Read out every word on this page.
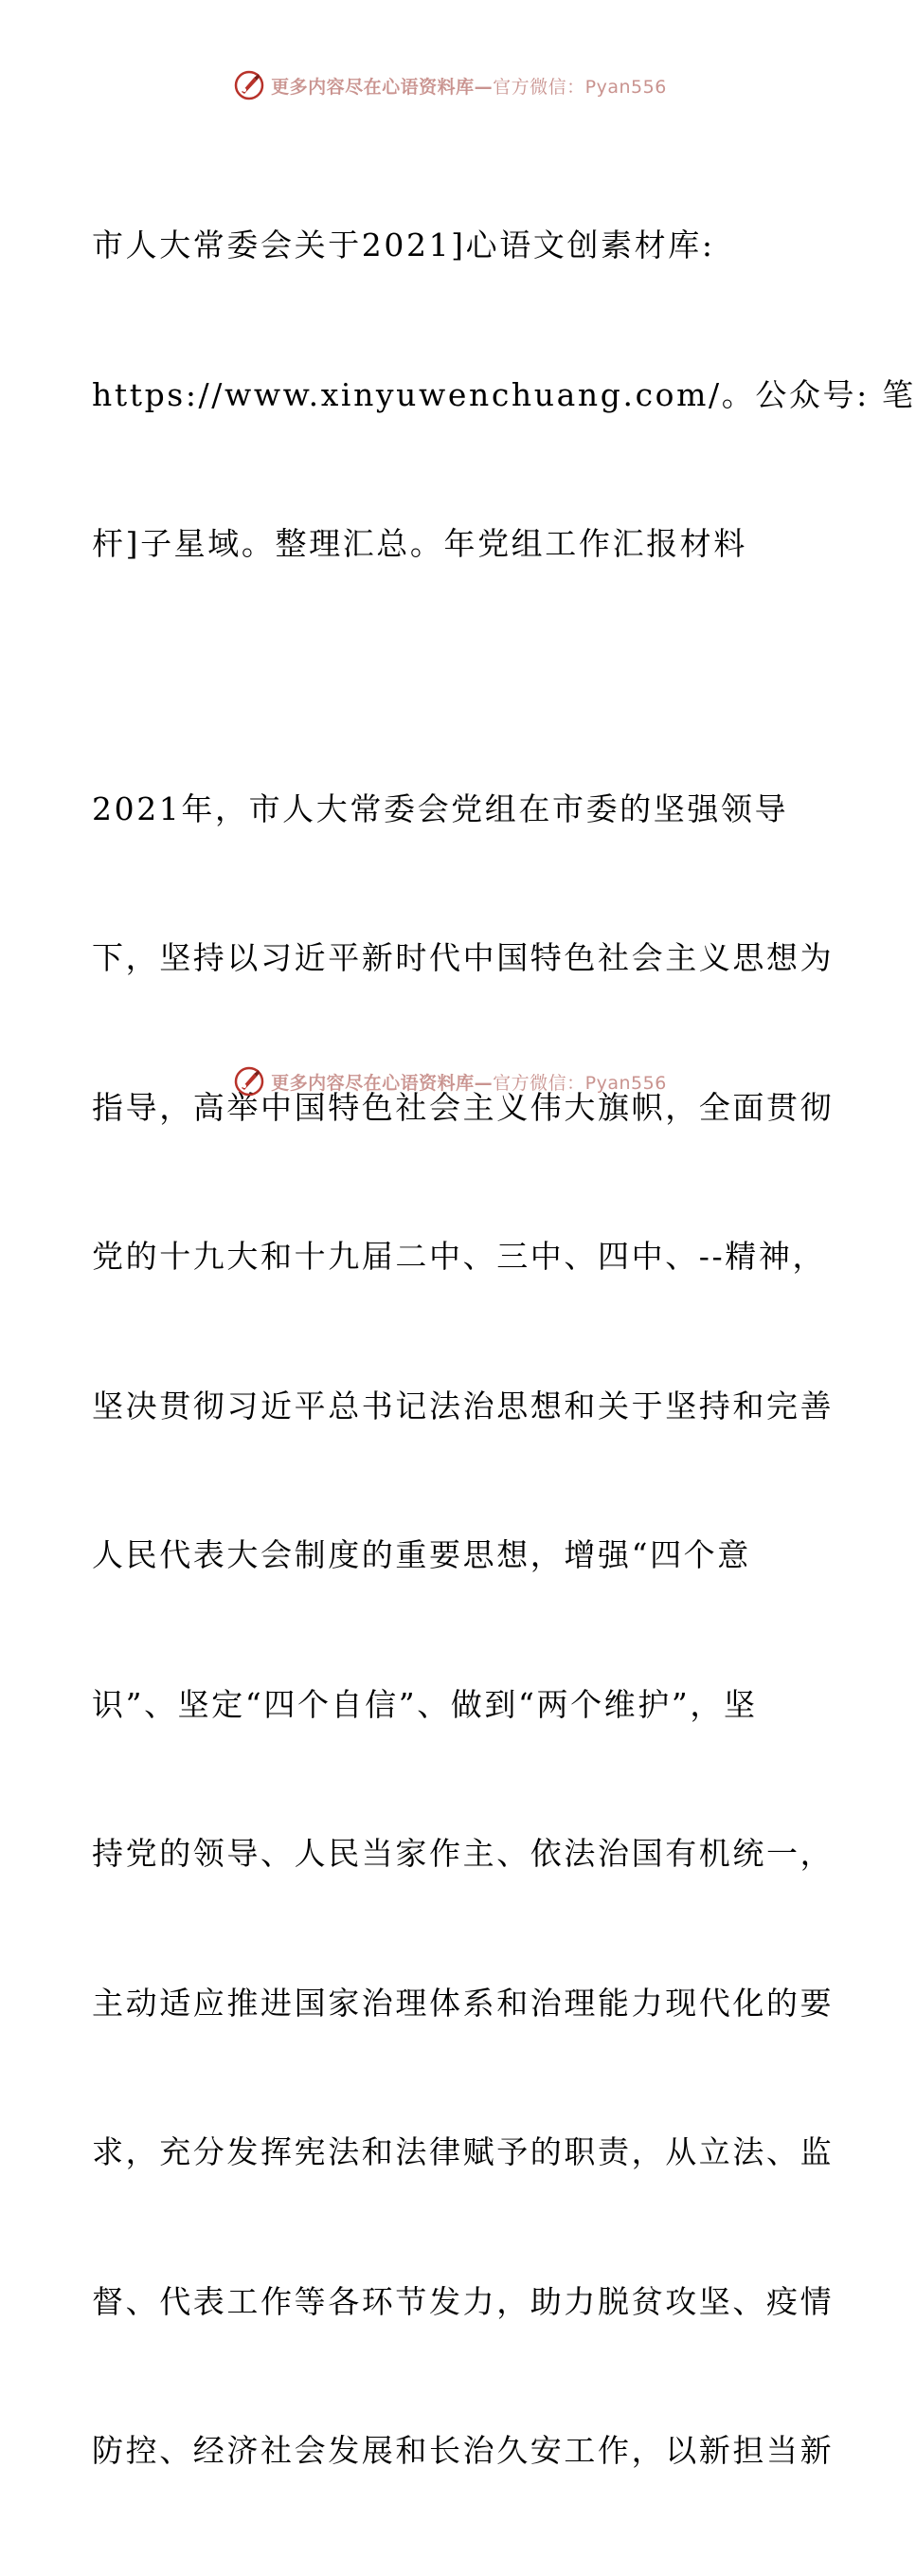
更多内容尽在心语资料库—官方微信：Pyan556

市人大常委会关于2021]心语文创素材库:

https://www.xinyuwenchuang.com/。公众号: 笔

杆]子星域。整理汇总。年党组工作汇报材料

2021年，市人大常委会党组在市委的坚强领导

下，坚持以习近平新时代中国特色社会主义思想为

指导，高举中国特色社会主义伟大旗帜，全面贯彻

党的十九大和十九届二中、三中、四中、--精神，

坚决贯彻习近平总书记法治思想和关于坚持和完善

人民代表大会制度的重要思想，增强“四个意

识”、坚定“四个自信”、做到“两个维护”，坚

持党的领导、人民当家作主、依法治国有机统一，

主动适应推进国家治理体系和治理能力现代化的要

求，充分发挥宪法和法律赋予的职责，从立法、监

督、代表工作等各环节发力，助力脱贫攻坚、疫情

防控、经济社会发展和长治久安工作，以新担当新

更多内容尽在心语资料库—官方微信：Pyan556
